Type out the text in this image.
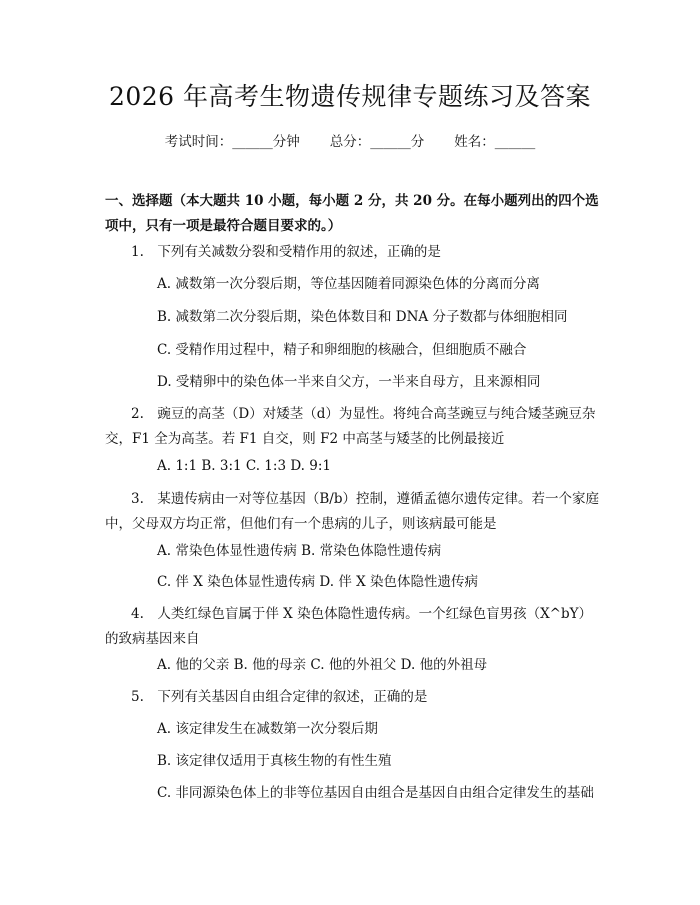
2026 年高考生物遗传规律专题练习及答案
考试时间：______分钟 总分：______分 姓名：______
一、选择题（本大题共 10 小题，每小题 2 分，共 20 分。在每小题列出的四个选项中，只有一项是最符合题目要求的。）
1.　下列有关减数分裂和受精作用的叙述，正确的是
A. 减数第一次分裂后期，等位基因随着同源染色体的分离而分离
B. 减数第二次分裂后期，染色体数目和 DNA 分子数都与体细胞相同
C. 受精作用过程中，精子和卵细胞的核融合，但细胞质不融合
D. 受精卵中的染色体一半来自父方，一半来自母方，且来源相同
2.　豌豆的高茎（D）对矮茎（d）为显性。将纯合高茎豌豆与纯合矮茎豌豆杂交，F1 全为高茎。若 F1 自交，则 F2 中高茎与矮茎的比例最接近
A. 1:1 B. 3:1 C. 1:3 D. 9:1
3.　某遗传病由一对等位基因（B/b）控制，遵循孟德尔遗传定律。若一个家庭中，父母双方均正常，但他们有一个患病的儿子，则该病最可能是
A. 常染色体显性遗传病 B. 常染色体隐性遗传病
C. 伴 X 染色体显性遗传病 D. 伴 X 染色体隐性遗传病
4.　人类红绿色盲属于伴 X 染色体隐性遗传病。一个红绿色盲男孩（X^bY）的致病基因来自
A. 他的父亲 B. 他的母亲 C. 他的外祖父 D. 他的外祖母
5.　下列有关基因自由组合定律的叙述，正确的是
A. 该定律发生在减数第一次分裂后期
B. 该定律仅适用于真核生物的有性生殖
C. 非同源染色体上的非等位基因自由组合是基因自由组合定律发生的基础
